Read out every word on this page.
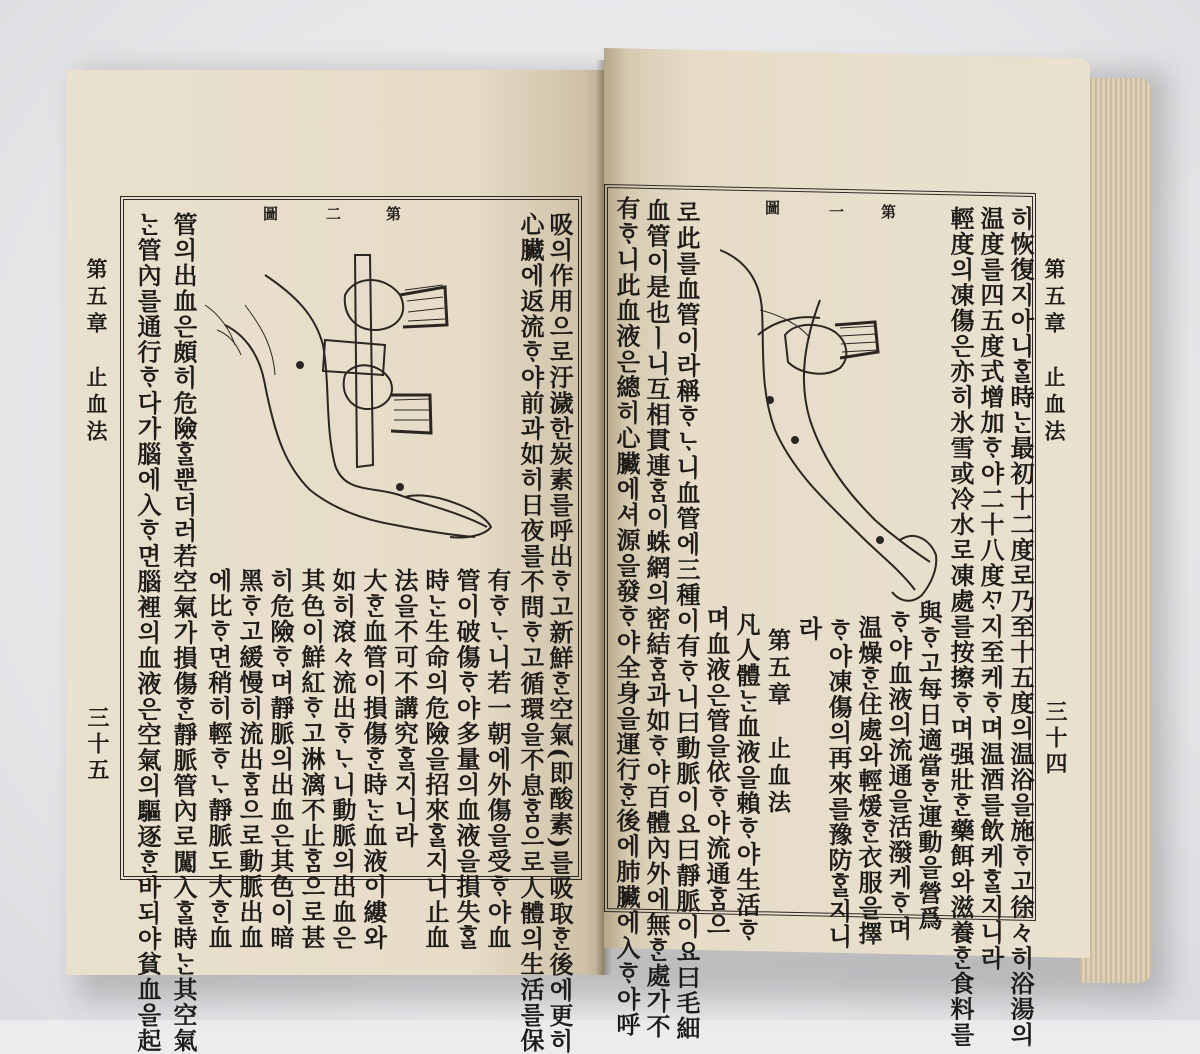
第五章　止血法
三十五 ᄂᆞᆫ管內를通行ᄒᆞ다가腦에入ᄒᆞ면腦裡의血液은空氣의驅逐ᄒᆞᆫ바되야貧血을起 管의出血은頗히危險ᄒᆞᆯ뿐더러若空氣가損傷ᄒᆞᆫ靜脈管內로闖入ᄒᆞᆯ時ᄂᆞᆫ其空氣 에比ᄒᆞ면稍히輕ᄒᆞᄂᆞ靜脈도大ᄒᆞᆫ血 黑ᄒᆞ고緩慢히流出ᄒᆞᆷ으로動脈出血 히危險ᄒᆞ며靜脈의出血은其色이暗 其色이鮮紅ᄒᆞ고淋漓不止ᄒᆞᆷ으로甚 如히滾々流出ᄒᆞᄂᆞ니動脈의出血은 大ᄒᆞᆫ血管이損傷ᄒᆞᆫ時ᄂᆞᆫ血液이縷와 法을不可不講究ᄒᆞᆯ지니라 時ᄂᆞᆫ生命의危險을招來ᄒᆞᆯ지니止血 管이破傷ᄒᆞ야多量의血液을損失ᄒᆞᆯ 有ᄒᆞᄂᆞ니若一朝에外傷을受ᄒᆞ야血 心臟에返流ᄒᆞ야前과如히日夜를不問ᄒᆞ고循環을不息ᄒᆞᆷ으로人體의生活를保 吸의作用으로汙濊한炭素를呼出ᄒᆞ고新鮮ᄒᆞᆫ空氣(即酸素)를吸取ᄒᆞᆫ後에更히
第
二
圖
第五章　止血法
三十四
히恢復지아니ᄒᆞᆯ時ᄂᆞᆫ最初十二度로乃至十五度의温浴을施ᄒᆞ고徐々히浴湯의
温度를四五度式增加ᄒᆞ야二十八度ᄭᆞ지至케ᄒᆞ며温酒를飲케ᄒᆞᆯ지니라
輕度의凍傷은亦히氷雪或冷水로凍處를按擦ᄒᆞ며强壯ᄒᆞᆫ藥餌와滋養ᄒᆞᆫ食料를
與ᄒᆞ고每日適當ᄒᆞᆫ運動을營爲
ᄒᆞ야血液의流通을活潑케ᄒᆞ며
温燥ᄒᆞᆫ住處와輕煖ᄒᆞᆫ衣服을擇
ᄒᆞ야凍傷의再來를豫防ᄒᆞᆯ지니
라
第五章　止血法
凡人體ᄂᆞᆫ血液을賴ᄒᆞ야生活ᄒᆞ
며血液은管을依ᄒᆞ야流通ᄒᆞᆷ으
로此를血管이라稱ᄒᆞᄂᆞ니血管에三種이有ᄒᆞ니曰動脈이요曰靜脈이요曰毛細
血管이是也ㅣ니互相貫連ᄒᆞᆷ이蛛網의密結ᄒᆞᆷ과如ᄒᆞ야百體內外에無ᄒᆞᆫ處가不
有ᄒᆞ니此血液은總히心臟에셔源을發ᄒᆞ야全身을運行ᄒᆞᆫ後에肺臟에入ᄒᆞ야呼	第
一
圖
